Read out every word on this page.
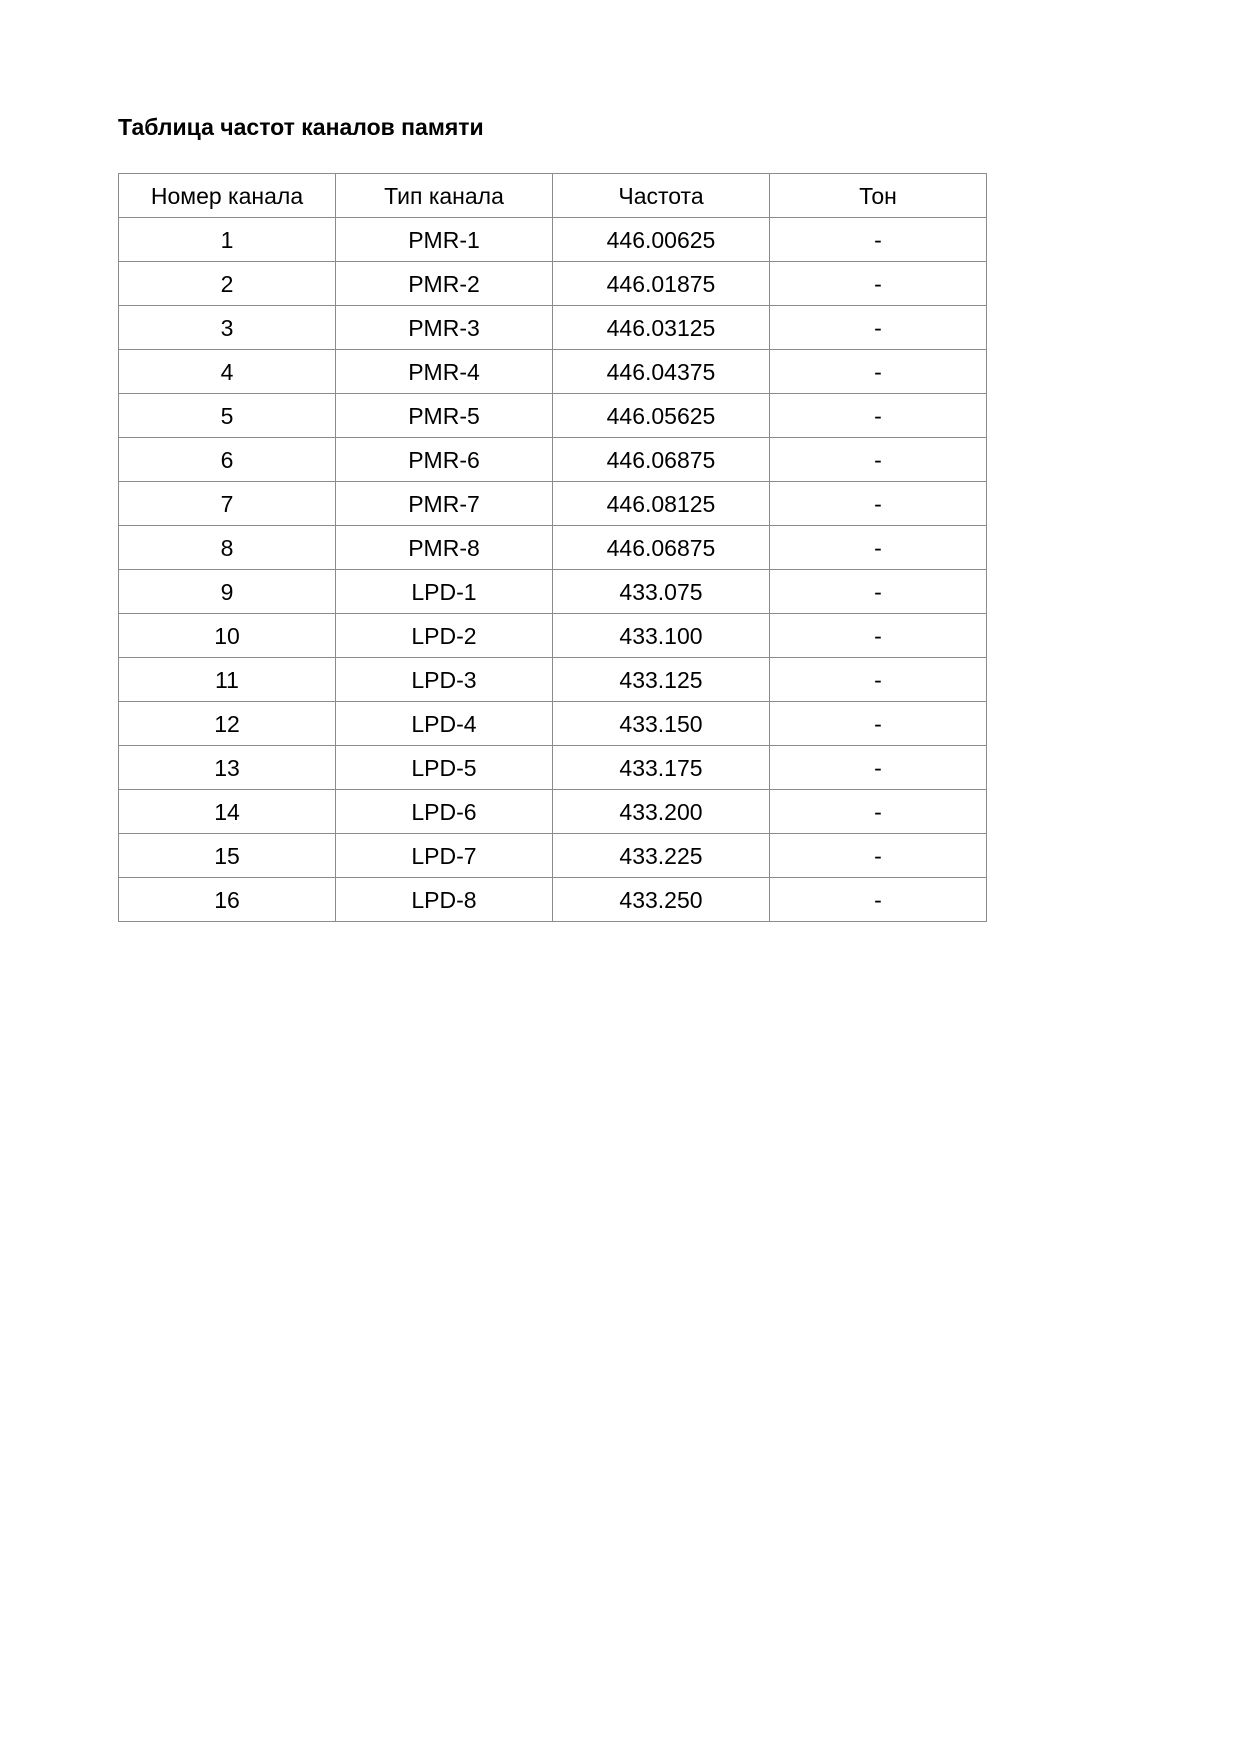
Таблица частот каналов памяти
Номер канала	Тип канала	Частота	Тон
1	PMR-1	446.00625	-
2	PMR-2	446.01875	-
3	PMR-3	446.03125	-
4	PMR-4	446.04375	-
5	PMR-5	446.05625	-
6	PMR-6	446.06875	-
7	PMR-7	446.08125	-
8	PMR-8	446.06875	-
9	LPD-1	433.075	-
10	LPD-2	433.100	-
11	LPD-3	433.125	-
12	LPD-4	433.150	-
13	LPD-5	433.175	-
14	LPD-6	433.200	-
15	LPD-7	433.225	-
16	LPD-8	433.250	-
